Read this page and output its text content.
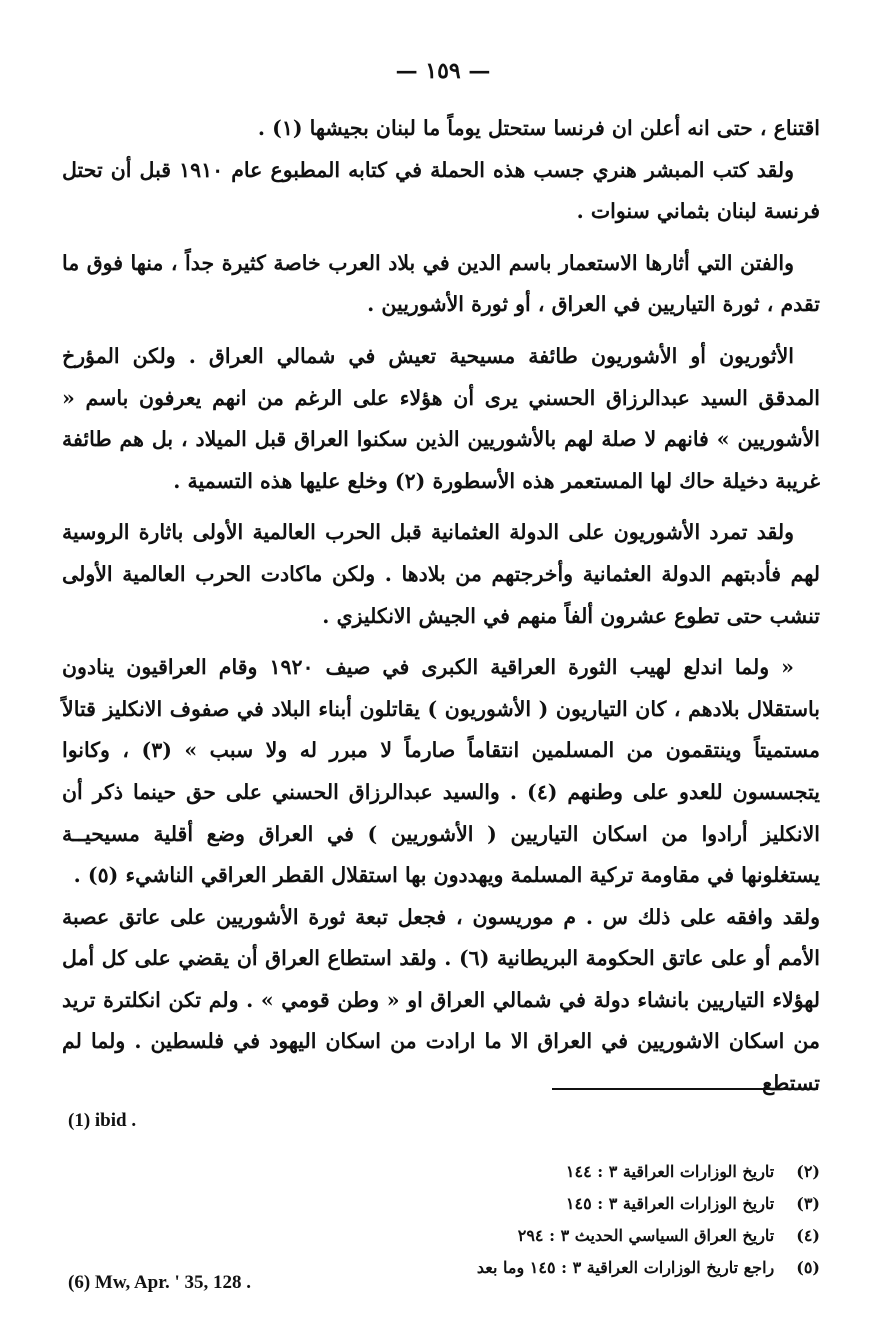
— ١٥٩ —

اقتناع ، حتى انه أعلن ان فرنسا ستحتل يوماً ما لبنان بجيشها (١) .

ولقد كتب المبشر هنري جسب هذه الحملة في كتابه المطبوع عام ١٩١٠ قبل أن تحتل فرنسة لبنان بثماني سنوات .

والفتن التي أثارها الاستعمار باسم الدين في بلاد العرب خاصة كثيرة جداً ، منها فوق ما تقدم ، ثورة التياريين في العراق ، أو ثورة الأشوريين .

الأثوريون أو الأشوريون طائفة مسيحية تعيش في شمالي العراق . ولكن المؤرخ المدقق السيد عبدالرزاق الحسني يرى أن هؤلاء على الرغم من انهم يعرفون باسم « الأشوريين » فانهم لا صلة لهم بالأشوريين الذين سكنوا العراق قبل الميلاد ، بل هم طائفة غريبة دخيلة حاك لها المستعمر هذه الأسطورة (٢) وخلع عليها هذه التسمية .

ولقد تمرد الأشوريون على الدولة العثمانية قبل الحرب العالمية الأولى باثارة الروسية لهم فأدبتهم الدولة العثمانية وأخرجتهم من بلادها . ولكن ماكادت الحرب العالمية الأولى تنشب حتى تطوع عشرون ألفاً منهم في الجيش الانكليزي .

« ولما اندلع لهيب الثورة العراقية الكبرى في صيف ١٩٢٠ وقام العراقيون ينادون باستقلال بلادهم ، كان التياريون ( الأشوريون ) يقاتلون أبناء البلاد في صفوف الانكليز قتالاً مستميتاً وينتقمون من المسلمين انتقاماً صارماً لا مبرر له ولا سبب » (٣) ، وكانوا يتجسسون للعدو على وطنهم (٤) . والسيد عبدالرزاق الحسني على حق حينما ذكر أن الانكليز أرادوا من اسكان التياريين ( الأشوريين ) في العراق وضع أقلية مسيحيــة يستغلونها في مقاومة تركية المسلمة ويهددون بها استقلال القطر العراقي الناشيء (٥) .

ولقد وافقه على ذلك س . م موريسون ، فجعل تبعة ثورة الأشوريين على عاتق عصبة الأمم أو على عاتق الحكومة البريطانية (٦) . ولقد استطاع العراق أن يقضي على كل أمل لهؤلاء التياريين بانشاء دولة في شمالي العراق او « وطن قومي » . ولم تكن انكلترة تريد من اسكان الاشوريين في العراق الا ما ارادت من اسكان اليهود في فلسطين . ولما لم تستطع

(1) ibid .
(٢)تاريخ الوزارات العراقية ٣ : ١٤٤
(٣)تاريخ الوزارات العراقية ٣ : ١٤٥
(٤)تاريخ العراق السياسي الحديث ٣ : ٢٩٤
(٥)راجع تاريخ الوزارات العراقية ٣ : ١٤٥ وما بعد
(6) Mw, Apr. ' 35, 128 .
